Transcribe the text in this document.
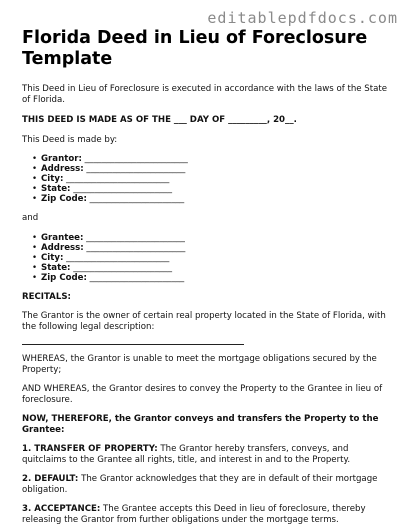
editablepdfdocs.com
Florida Deed in Lieu of Foreclosure Template

This Deed in Lieu of Foreclosure is executed in accordance with the laws of the State of Florida.

THIS DEED IS MADE AS OF THE ___ DAY OF _________, 20__.

This Deed is made by:

• Grantor: ________________________
• Address: _______________________
• City: ________________________
• State: _______________________
• Zip Code: ______________________

and

• Grantee: _______________________
• Address: _______________________
• City: ________________________
• State: _______________________
• Zip Code: ______________________

RECITALS:

The Grantor is the owner of certain real property located in the State of Florida, with the following legal description:

WHEREAS, the Grantor is unable to meet the mortgage obligations secured by the Property;

AND WHEREAS, the Grantor desires to convey the Property to the Grantee in lieu of foreclosure.

NOW, THEREFORE, the Grantor conveys and transfers the Property to the Grantee:

1. TRANSFER OF PROPERTY: The Grantor hereby transfers, conveys, and quitclaims to the Grantee all rights, title, and interest in and to the Property.

2. DEFAULT: The Grantor acknowledges that they are in default of their mortgage obligation.

3. ACCEPTANCE: The Grantee accepts this Deed in lieu of foreclosure, thereby releasing the Grantor from further obligations under the mortgage terms.
